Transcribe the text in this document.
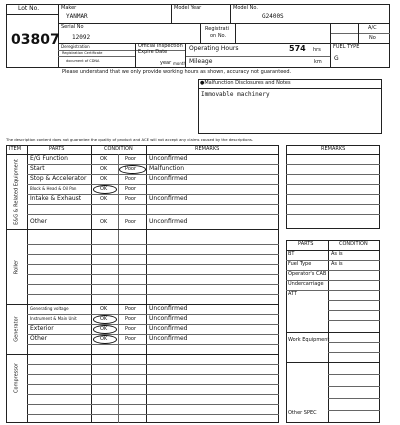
Lot No.
03807
Maker
YANMAR
Model Year	Model No.
G2400S
Serial No
12092
Registrati
on No.
A/C
No
Deregistration
Registration Certificate
document of CDNA
Official Inspection
Expire Date
year month
Operating Hours	574 hrs
Mileage	km
FUEL TYPE
G
Please understand that we only provide working hours as shown, accuracy not guaranteed.
●Malfunction Disclosures and Notes
Immovable machinery
The description content does not guarantee the quality of product and ACE will not accept any claims caused by the descriptions.
ITEM	PARTS	CONDITION	REMARKS
E&G & Related Equipment
Roller
Generator
Compressor
E/G Function	OK	Poor Unconfirmed
Start	OK	Poor Malfunction
Stop & Accelerator	OK	Poor Unconfirmed
Block & Head & Oil Pan	OK	Poor
Intake & Exhaust	OK	Poor Unconfirmed
Other	OK	Poor Unconfirmed
Generating voltage	OK	Poor Unconfirmed
Instrument & Main Unit	OK	Poor Unconfirmed
Exterior	OK	Poor Unconfirmed
Other	OK	Poor Unconfirmed
REMARKS
PARTS	CONDITION
BT	As is
Fuel Type	As is
Operator's CAB
Undercarriage
ATT
Work Equipment
Other SPEC
